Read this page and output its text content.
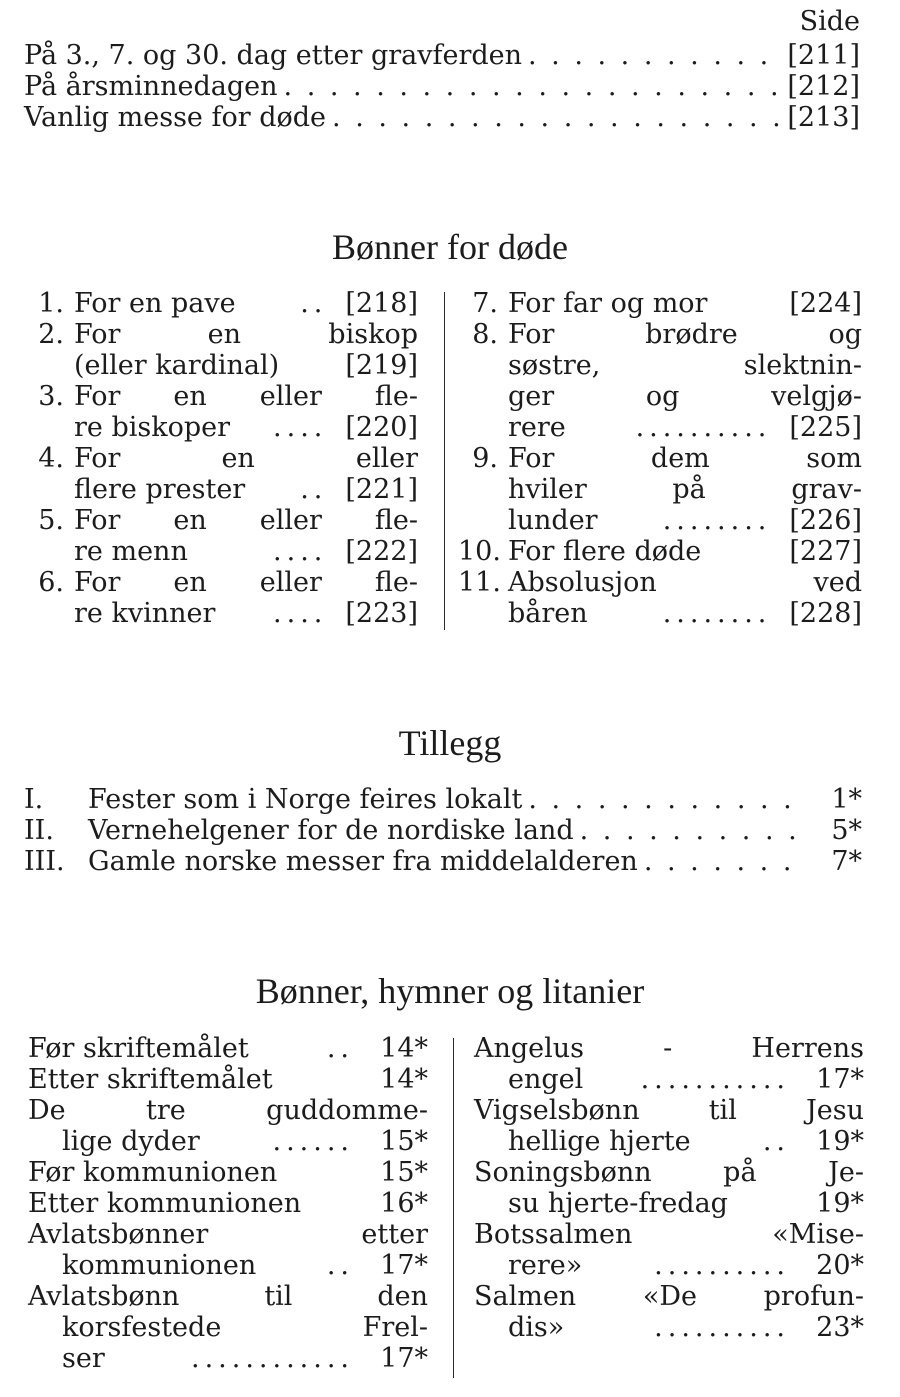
Side
På 3., 7. og 30. dag etter gravferden . . .	[211]
På årsminnedagen . . .	[212]
Vanlig messe for døde . . .	[213]
Bønner for døde
1. For en pave	.. [218]
2. For en biskop
(eller kardinal) [219]
3. For en eller fle-
re biskoper	.... [220]
4. For en eller
flere prester	.. [221]
5. For en eller fle-
re menn	.... [222]
6. For en eller fle-
re kvinner	.... [223]
7. For far og mor	[224]
8. For brødre og
søstre, slektnin-
ger og velgjø-
rere	.......... [225]
9. For dem som
hviler på grav-
lunder	........ [226]
10. For flere døde	[227]
11. Absolusjon ved
båren	........ [228]
Tillegg
I.	Fester som i Norge feires lokalt . . .	1*
II.	Vernehelgener for de nordiske land . . .	5*
III. Gamle norske messer fra middelalderen . . .	7*
Bønner, hymner og litanier
Før skriftemålet	.. 14*
Etter skriftemålet	14*
De tre guddomme-
lige dyder	...... 15*
Før kommunionen	15*
Etter kommunionen	16*
Avlatsbønner etter
kommunionen	.. 17*
Avlatsbønn til den
korsfestede Frel-
ser	............ 17*
Angelus - Herrens
engel	........... 17*
Vigselsbønn til Jesu
hellige hjerte	.. 19*
Soningsbønn på Je-
su hjerte-fredag	19*
Botssalmen «Mise-
rere»	.......... 20*
Salmen «De profun-
dis»	.......... 23*
